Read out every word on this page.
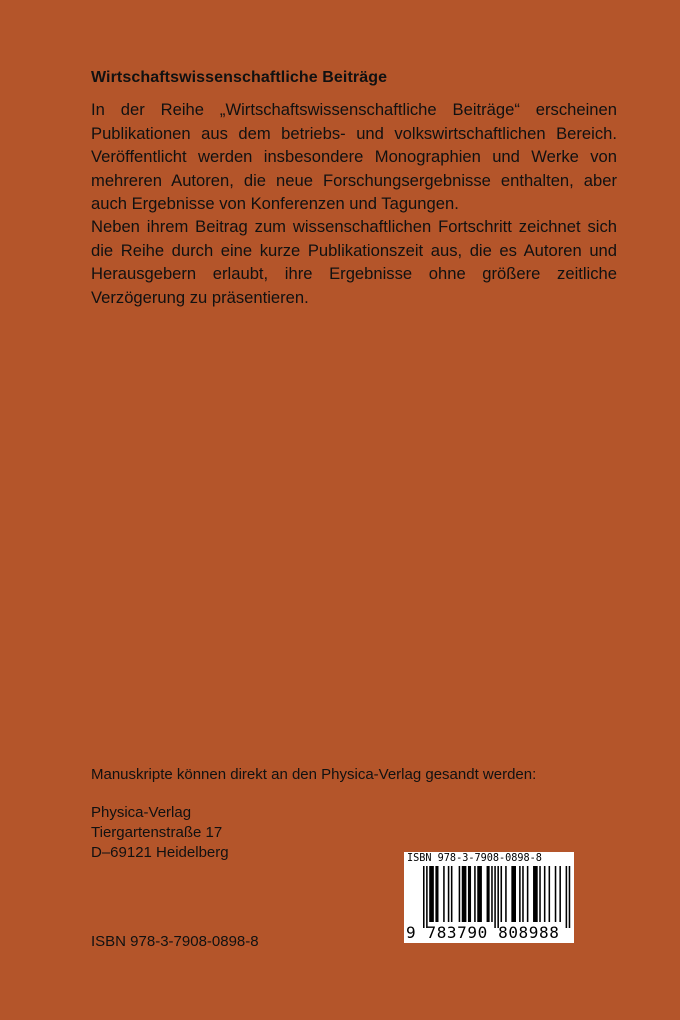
Wirtschaftswissenschaftliche Beiträge

In der Reihe „Wirtschaftswissenschaftliche Beiträge“ erscheinen Publikationen aus dem betriebs- und volkswirtschaftlichen Bereich. Veröffentlicht werden insbesondere Monographien und Werke von mehreren Autoren, die neue Forschungsergebnisse enthalten, aber auch Ergebnisse von Konferenzen und Tagungen.

Neben ihrem Beitrag zum wissenschaftlichen Fortschritt zeichnet sich die Reihe durch eine kurze Publikationszeit aus, die es Autoren und Herausgebern erlaubt, ihre Ergebnisse ohne größere zeitliche Verzögerung zu präsentieren.

Manuskripte können direkt an den Physica-Verlag gesandt werden:
Physica-Verlag
Tiergartenstraße 17
D–69121 Heidelberg
ISBN 978-3-7908-0898-8
ISBN 978-3-7908-0898-8
9 783790 808988
